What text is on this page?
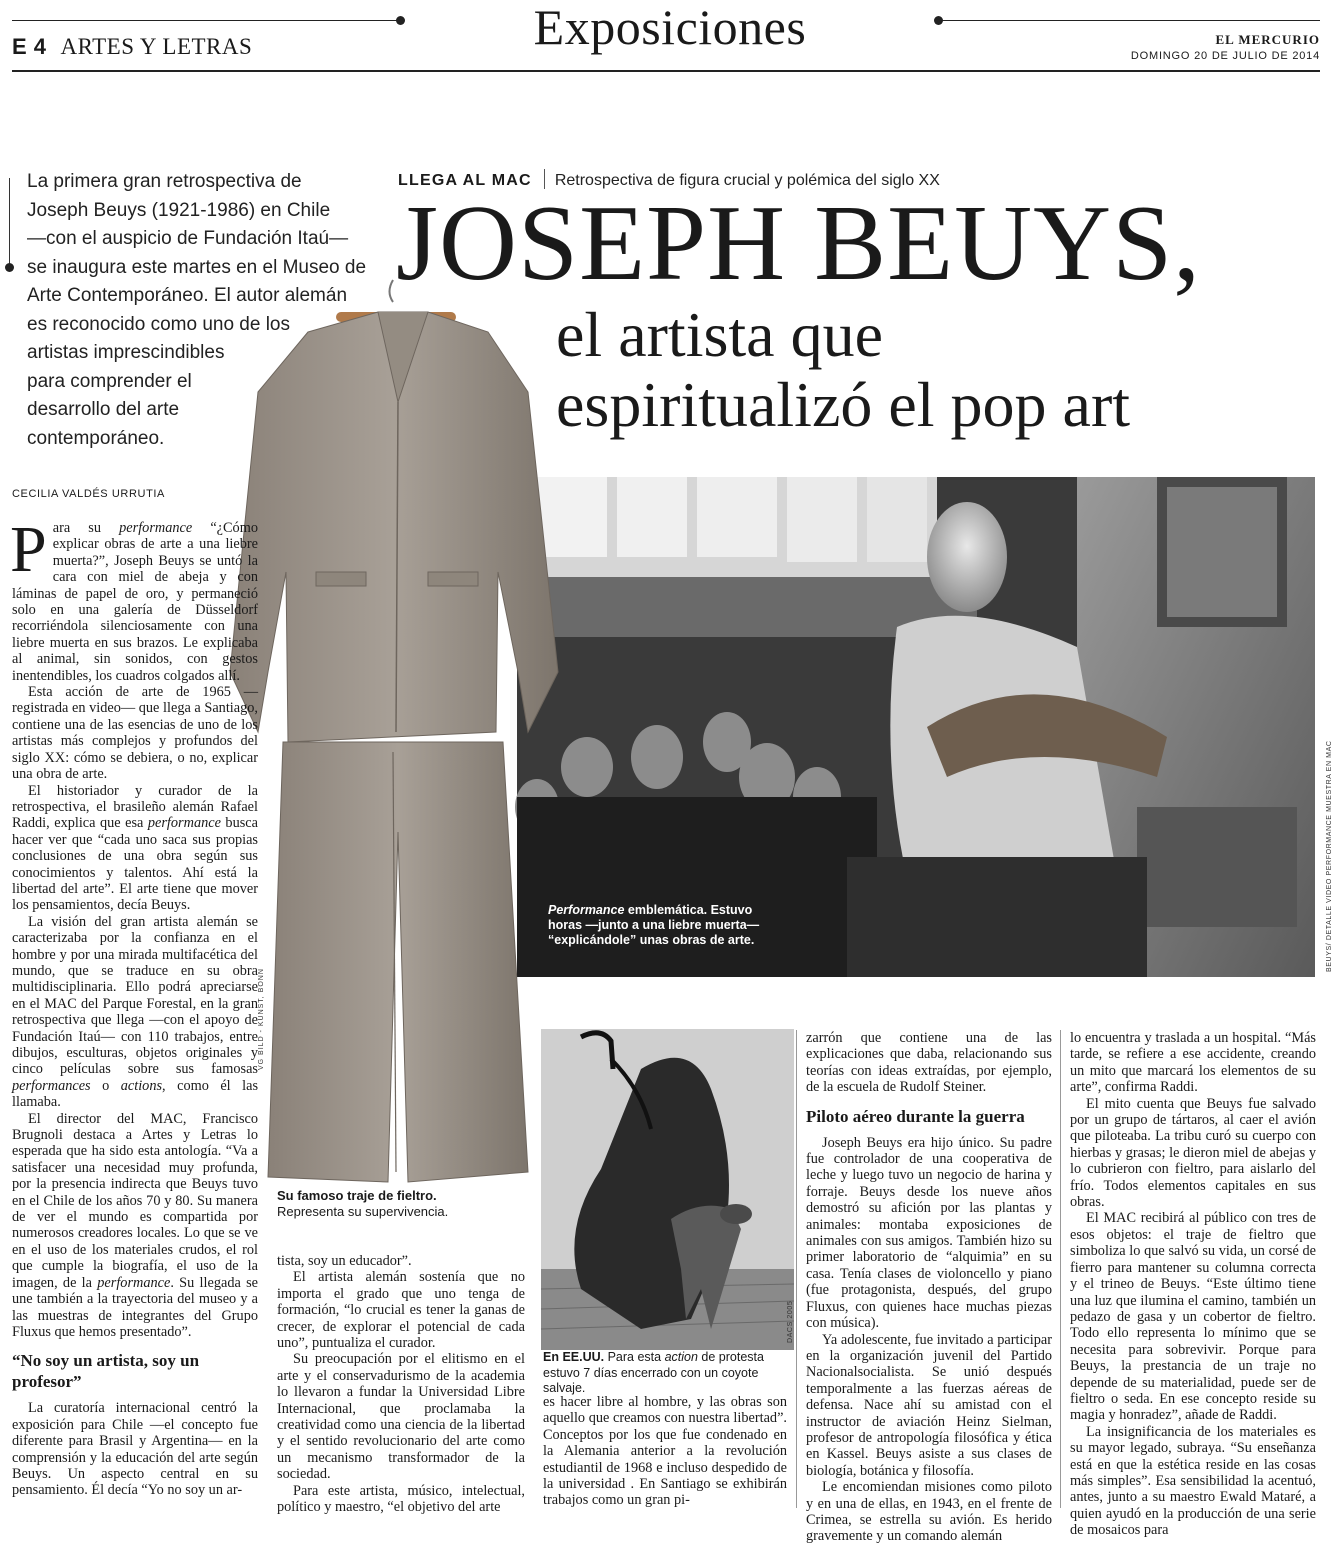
E 4 ARTES Y LETRAS	Exposiciones	EL MERCURIO
DOMINGO 20 DE JULIO DE 2014
La primera gran retrospectiva de
Joseph Beuys (1921-1986) en Chile
—con el auspicio de Fundación Itaú—
se inaugura este martes en el Museo de
Arte Contemporáneo. El autor alemán
es reconocido como uno de los
artistas imprescindibles
para comprender el
desarrollo del arte
contemporáneo.
LLEGA AL MAC Retrospectiva de figura crucial y polémica del siglo XX
JOSEPH BEUYS,
el artista que
espiritualizó el pop art
CECILIA VALDÉS URRUTIA
Performance emblemática. Estuvo horas —junto a una liebre muerta— “explicándole” unas obras de arte.	BEUYS/ DETALLE VIDEO PERFORMANCE MUESTRA EN MAC
VG BILD - KUNST, BONN
Su famoso traje de fieltro.
Representa su supervivencia.
DACS 2005
En EE.UU. Para esta action de protesta estuvo 7 días encerrado con un coyote salvaje.

Para su performance “¿Cómo explicar obras de arte a una liebre muerta?”, Joseph Beuys se untó la cara con miel de abeja y con láminas de papel de oro, y permaneció solo en una galería de Düsseldorf recorriéndola silenciosamente con una liebre muerta en sus brazos. Le explicaba al animal, sin sonidos, con gestos inentendibles, los cuadros colgados allí.

Esta acción de arte de 1965 —registrada en video— que llega a Santiago, contiene una de las esencias de uno de los artistas más complejos y profundos del siglo XX: cómo se debiera, o no, explicar una obra de arte.

El historiador y curador de la retrospectiva, el brasileño alemán Rafael Raddi, explica que esa performance busca hacer ver que “cada uno saca sus propias conclusiones de una obra según sus conocimientos y talentos. Ahí está la libertad del arte”. El arte tiene que mover los pensamientos, decía Beuys.

La visión del gran artista alemán se caracterizaba por la confianza en el hombre y por una mirada multifacética del mundo, que se traduce en su obra multidisciplinaria. Ello podrá apreciarse en el MAC del Parque Forestal, en la gran retrospectiva que llega —con el apoyo de Fundación Itaú— con 110 trabajos, entre dibujos, esculturas, objetos originales y cinco películas sobre sus famosas performances o actions, como él las llamaba.

El director del MAC, Francisco Brugnoli destaca a Artes y Letras lo esperada que ha sido esta antología. “Va a satisfacer una necesidad muy profunda, por la presencia indirecta que Beuys tuvo en el Chile de los años 70 y 80. Su manera de ver el mundo es compartida por numerosos creadores locales. Lo que se ve en el uso de los materiales crudos, el rol que cumple la biografía, el uso de la imagen, de la performance. Su llegada se une también a la trayectoria del museo y a las muestras de integrantes del Grupo Fluxus que hemos presentado”.

“No soy un artista, soy un profesor”

La curatoría internacional centró la exposición para Chile —el concepto fue diferente para Brasil y Argentina— en la comprensión y la educación del arte según Beuys. Un aspecto central en su pensamiento. Él decía “Yo no soy un ar-

tista, soy un educador”.

El artista alemán sostenía que no importa el grado que uno tenga de formación, “lo crucial es tener la ganas de crecer, de explorar el potencial de cada uno”, puntualiza el curador.

Su preocupación por el elitismo en el arte y el conservadurismo de la academia lo llevaron a fundar la Universidad Libre Internacional, que proclamaba la creatividad como una ciencia de la libertad y el sentido revolucionario del arte como un mecanismo transformador de la sociedad.

Para este artista, músico, intelectual, político y maestro, “el objetivo del arte

es hacer libre al hombre, y las obras son aquello que creamos con nuestra libertad”. Conceptos por los que fue condenado en la Alemania anterior a la revolución estudiantil de 1968 e incluso despedido de la universidad . En Santiago se exhibirán trabajos como un gran pi-

zarrón que contiene una de las explicaciones que daba, relacionando sus teorías con ideas extraídas, por ejemplo, de la escuela de Rudolf Steiner.

Piloto aéreo durante la guerra

Joseph Beuys era hijo único. Su padre fue controlador de una cooperativa de leche y luego tuvo un negocio de harina y forraje. Beuys desde los nueve años demostró su afición por las plantas y animales: montaba exposiciones de animales con sus amigos. También hizo su primer laboratorio de “alquimia” en su casa. Tenía clases de violoncello y piano (fue protagonista, después, del grupo Fluxus, con quienes hace muchas piezas con música).

Ya adolescente, fue invitado a participar en la organización juvenil del Partido Nacionalsocialista. Se unió después temporalmente a las fuerzas aéreas de defensa. Nace ahí su amistad con el instructor de aviación Heinz Sielman, profesor de antropología filosófica y ética en Kassel. Beuys asiste a sus clases de biología, botánica y filosofía.

Le encomiendan misiones como piloto y en una de ellas, en 1943, en el frente de Crimea, se estrella su avión. Es herido gravemente y un comando alemán

lo encuentra y traslada a un hospital. “Más tarde, se refiere a ese accidente, creando un mito que marcará los elementos de su arte”, confirma Raddi.

El mito cuenta que Beuys fue salvado por un grupo de tártaros, al caer el avión que piloteaba. La tribu curó su cuerpo con hierbas y grasas; le dieron miel de abejas y lo cubrieron con fieltro, para aislarlo del frío. Todos elementos capitales en sus obras.

El MAC recibirá al público con tres de esos objetos: el traje de fieltro que simboliza lo que salvó su vida, un corsé de fierro para mantener su columna correcta y el trineo de Beuys. “Este último tiene una luz que ilumina el camino, también un pedazo de gasa y un cobertor de fieltro. Todo ello representa lo mínimo que se necesita para sobrevivir. Porque para Beuys, la prestancia de un traje no depende de su materialidad, puede ser de fieltro o seda. En ese concepto reside su magia y honradez”, añade de Raddi.

La insignificancia de los materiales es su mayor legado, subraya. “Su enseñanza está en que la estética reside en las cosas más simples”. Esa sensibilidad la acentuó, antes, junto a su maestro Ewald Mataré, a quien ayudó en la producción de una serie de mosaicos para
